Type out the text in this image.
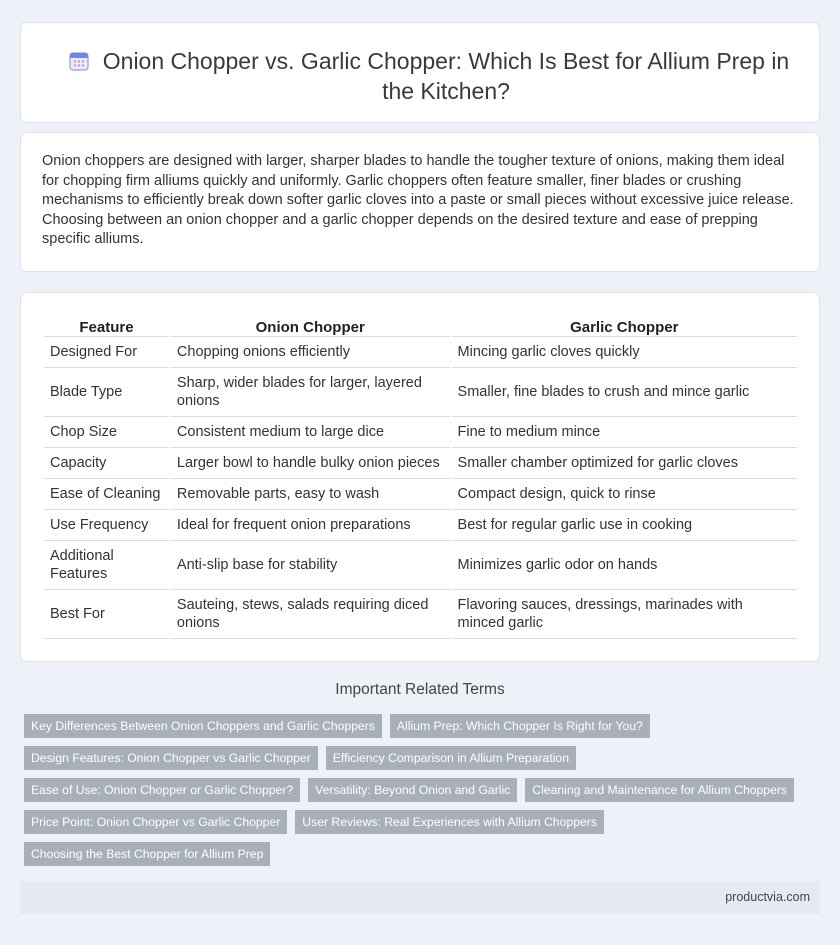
Onion Chopper vs. Garlic Chopper: Which Is Best for Allium Prep in the Kitchen?

Onion choppers are designed with larger, sharper blades to handle the tougher texture of onions, making them ideal for chopping firm alliums quickly and uniformly. Garlic choppers often feature smaller, finer blades or crushing mechanisms to efficiently break down softer garlic cloves into a paste or small pieces without excessive juice release. Choosing between an onion chopper and a garlic chopper depends on the desired texture and ease of prepping specific alliums.

Feature	Onion Chopper	Garlic Chopper
Designed For	Chopping onions efficiently	Mincing garlic cloves quickly
Blade Type	Sharp, wider blades for larger, layered onions	Smaller, fine blades to crush and mince garlic
Chop Size	Consistent medium to large dice	Fine to medium mince
Capacity	Larger bowl to handle bulky onion pieces	Smaller chamber optimized for garlic cloves
Ease of Cleaning	Removable parts, easy to wash	Compact design, quick to rinse
Use Frequency	Ideal for frequent onion preparations	Best for regular garlic use in cooking
Additional Features	Anti-slip base for stability	Minimizes garlic odor on hands
Best For	Sauteing, stews, salads requiring diced onions	Flavoring sauces, dressings, marinades with minced garlic
Important Related Terms
Key Differences Between Onion Choppers and Garlic Choppers	Allium Prep: Which Chopper Is Right for You?
Design Features: Onion Chopper vs Garlic Chopper	Efficiency Comparison in Allium Preparation
Ease of Use: Onion Chopper or Garlic Chopper?	Versatility: Beyond Onion and Garlic	Cleaning and Maintenance for Allium Choppers
Price Point: Onion Chopper vs Garlic Chopper	User Reviews: Real Experiences with Allium Choppers
Choosing the Best Chopper for Allium Prep
productvia.com
